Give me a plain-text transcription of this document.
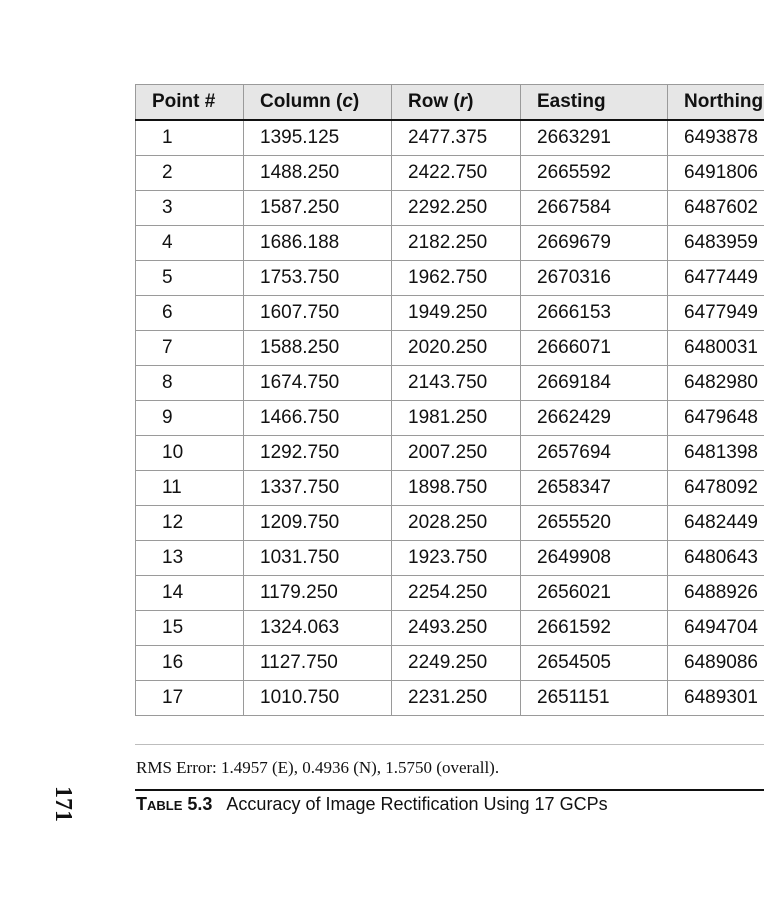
Point #	Column (c)	Row (r)	Easting	Northing
1	1395.125	2477.375	2663291	6493878
2	1488.250	2422.750	2665592	6491806
3	1587.250	2292.250	2667584	6487602
4	1686.188	2182.250	2669679	6483959
5	1753.750	1962.750	2670316	6477449
6	1607.750	1949.250	2666153	6477949
7	1588.250	2020.250	2666071	6480031
8	1674.750	2143.750	2669184	6482980
9	1466.750	1981.250	2662429	6479648
10	1292.750	2007.250	2657694	6481398
11	1337.750	1898.750	2658347	6478092
12	1209.750	2028.250	2655520	6482449
13	1031.750	1923.750	2649908	6480643
14	1179.250	2254.250	2656021	6488926
15	1324.063	2493.250	2661592	6494704
16	1127.750	2249.250	2654505	6489086
17	1010.750	2231.250	2651151	6489301
RMS Error: 1.4957 (E), 0.4936 (N), 1.5750 (overall).
Table 5.3 Accuracy of Image Rectification Using 17 GCPs
171
